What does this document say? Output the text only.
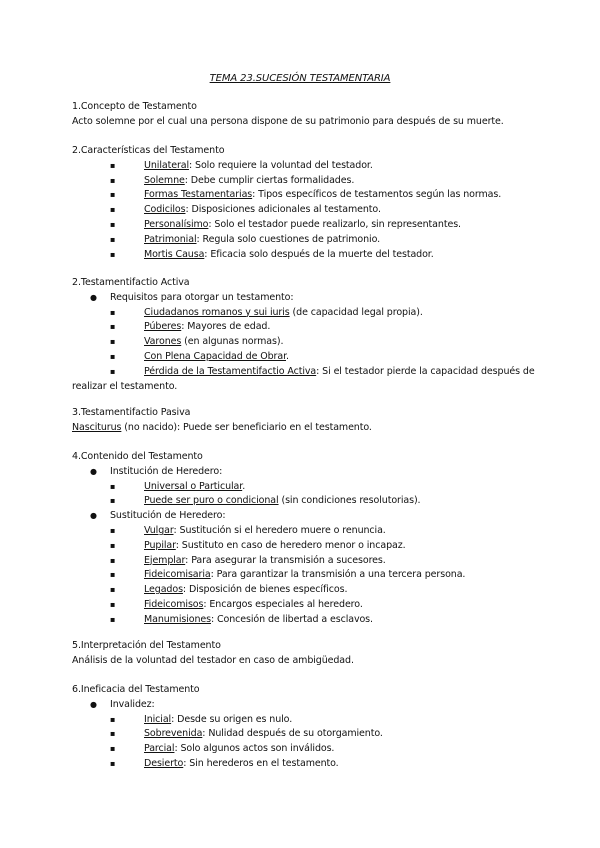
TEMA 23.SUCESIÓN TESTAMENTARIA
1.Concepto de Testamento
Acto solemne por el cual una persona dispone de su patrimonio para después de su muerte.
2.Características del Testamento
▪	Unilateral: Solo requiere la voluntad del testador.
▪	Solemne: Debe cumplir ciertas formalidades.
▪	Formas Testamentarias: Tipos específicos de testamentos según las normas.
▪	Codicilos: Disposiciones adicionales al testamento.
▪	Personalísimo: Solo el testador puede realizarlo, sin representantes.
▪	Patrimonial: Regula solo cuestiones de patrimonio.
▪	Mortis Causa: Eficacia solo después de la muerte del testador.
2.Testamentifactio Activa
● Requisitos para otorgar un testamento:
▪	Ciudadanos romanos y sui iuris (de capacidad legal propia).
▪	Púberes: Mayores de edad.
▪	Varones (en algunas normas).
▪	Con Plena Capacidad de Obrar.
▪	Pérdida de la Testamentifactio Activa: Si el testador pierde la capacidad después de
realizar el testamento.
3.Testamentifactio Pasiva
Nasciturus (no nacido): Puede ser beneficiario en el testamento.
4.Contenido del Testamento
● Institución de Heredero:
▪	Universal o Particular.
▪	Puede ser puro o condicional (sin condiciones resolutorias).
● Sustitución de Heredero:
▪	Vulgar: Sustitución si el heredero muere o renuncia.
▪	Pupilar: Sustituto en caso de heredero menor o incapaz.
▪	Ejemplar: Para asegurar la transmisión a sucesores.
▪	Fideicomisaria: Para garantizar la transmisión a una tercera persona.
▪	Legados: Disposición de bienes específicos.
▪	Fideicomisos: Encargos especiales al heredero.
▪	Manumisiones: Concesión de libertad a esclavos.
5.Interpretación del Testamento
Análisis de la voluntad del testador en caso de ambigüedad.
6.Ineficacia del Testamento
● Invalidez:
▪	Inicial: Desde su origen es nulo.
▪	Sobrevenida: Nulidad después de su otorgamiento.
▪	Parcial: Solo algunos actos son inválidos.
▪	Desierto: Sin herederos en el testamento.
